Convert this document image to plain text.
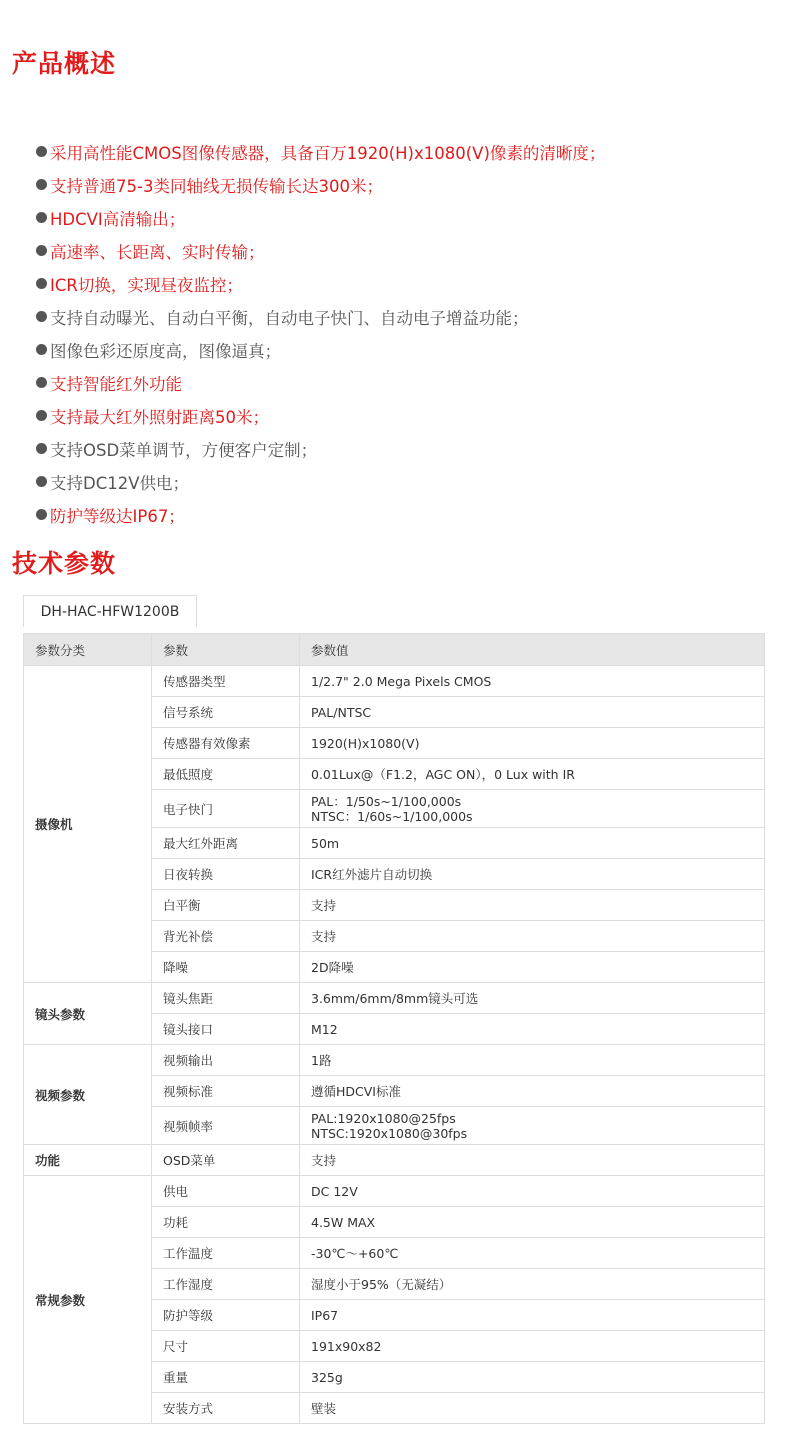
产品概述
采用高性能CMOS图像传感器，具备百万1920(H)x1080(V)像素的清晰度；
支持普通75-3类同轴线无损传输长达300米；
HDCVI高清输出；
高速率、长距离、实时传输；
ICR切换，实现昼夜监控；
支持自动曝光、自动白平衡，自动电子快门、自动电子增益功能；
图像色彩还原度高，图像逼真；
支持智能红外功能
支持最大红外照射距离50米；
支持OSD菜单调节，方便客户定制；
支持DC12V供电；
防护等级达IP67；
技术参数
DH-HAC-HFW1200B
参数分类	参数	参数值
摄像机	传感器类型	1/2.7" 2.0 Mega Pixels CMOS
	信号系统	PAL/NTSC
	传感器有效像素	1920(H)x1080(V)
	最低照度	0.01Lux@（F1.2，AGC ON），0 Lux with IR
	电子快门	PAL：1/50s~1/100,000s
NTSC：1/60s~1/100,000s

	最大红外距离	50m
	日夜转换	ICR红外滤片自动切换
	白平衡	支持
	背光补偿	支持
	降噪	2D降噪
镜头参数	镜头焦距	3.6mm/6mm/8mm镜头可选
	镜头接口	M12
视频参数	视频输出	1路
	视频标准	遵循HDCVI标准
	视频帧率	PAL:1920x1080@25fps
NTSC:1920x1080@30fps

功能	OSD菜单	支持
常规参数	供电	DC 12V
	功耗	4.5W MAX
	工作温度	-30℃～+60℃
	工作湿度	湿度小于95%（无凝结）
	防护等级	IP67
	尺寸	191x90x82
	重量	325g
	安装方式	壁装
